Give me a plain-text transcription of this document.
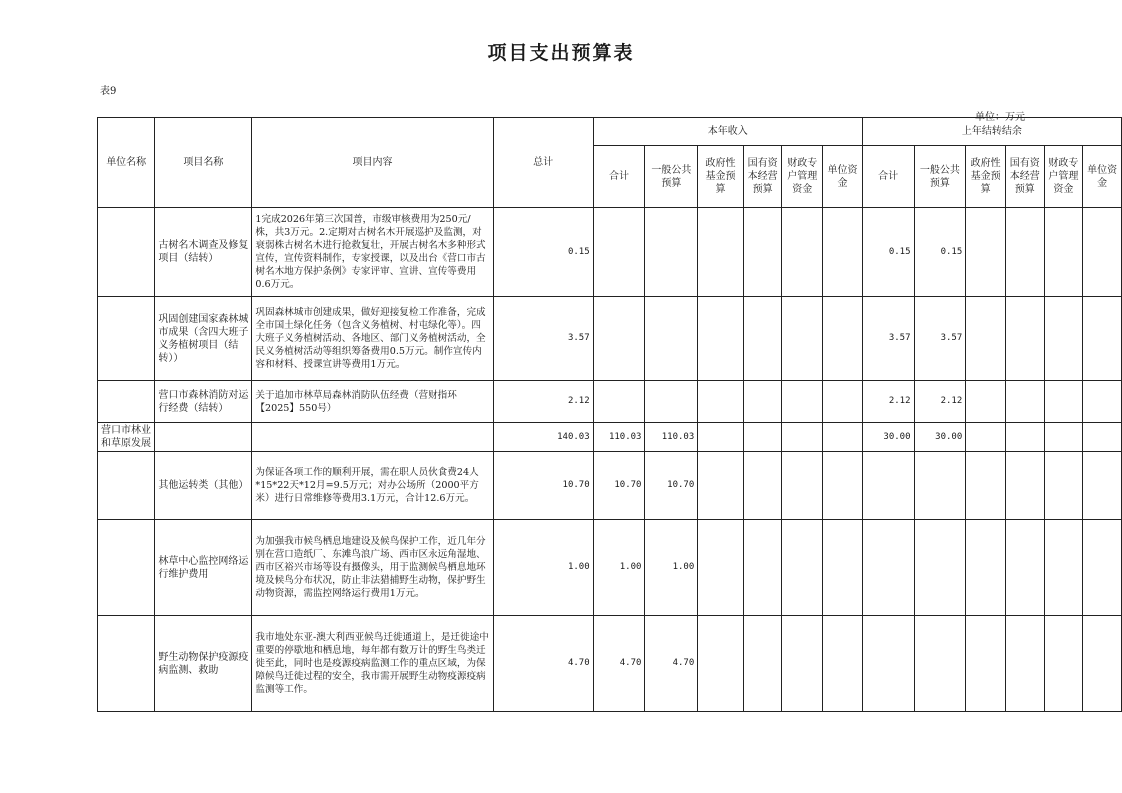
项目支出预算表
表9
单位：万元
单位名称	项目名称	项目内容	总计	本年收入						上年结转结余					
				合计	一般公共预算	政府性基金预算	国有资本经营预算	财政专户管理资金	单位资金	合计	一般公共预算	政府性基金预算	国有资本经营预算	财政专户管理资金	单位资金
	古树名木调查及修复项目（结转）	1完成2026年第三次国普，市级审核费用为250元/株，共3万元。2.定期对古树名木开展巡护及监测，对衰弱株古树名木进行抢救复壮，开展古树名木多种形式宣传，宣传资料制作，专家授课，以及出台《营口市古树名木地方保护条例》专家评审、宣讲、宣传等费用0.6万元。	0.15							0.15	0.15				
	巩固创建国家森林城市成果（含四大班子义务植树项目（结转））	巩固森林城市创建成果，做好迎接复检工作准备，完成全市国土绿化任务（包含义务植树、村屯绿化等）。四大班子义务植树活动、各地区、部门义务植树活动，全民义务植树活动等组织筹备费用0.5万元。制作宣传内容和材料、授课宣讲等费用1万元。	3.57							3.57	3.57				
	营口市森林消防对运行经费（结转）	关于追加市林草局森林消防队伍经费（营财指环【2025】550号）	2.12							2.12	2.12				
营口市林业和草原发展			140.03	110.03	110.03					30.00	30.00				
	其他运转类（其他）	为保证各项工作的顺利开展，需在职人员伙食费24人*15*22天*12月=9.5万元；对办公场所（2000平方米）进行日常维修等费用3.1万元，合计12.6万元。	10.70	10.70	10.70										
	林草中心监控网络运行维护费用	为加强我市候鸟栖息地建设及候鸟保护工作，近几年分别在营口造纸厂、东滩鸟浪广场、西市区永远角湿地、西市区裕兴市场等设有摄像头，用于监测候鸟栖息地环境及候鸟分布状况，防止非法猎捕野生动物，保护野生动物资源，需监控网络运行费用1万元。	1.00	1.00	1.00										
	野生动物保护疫源疫病监测、救助	我市地处东亚-澳大利西亚候鸟迁徙通道上，是迁徙途中重要的停歇地和栖息地，每年都有数万计的野生鸟类迁徙至此，同时也是疫源疫病监测工作的重点区域，为保障候鸟迁徙过程的安全，我市需开展野生动物疫源疫病监测等工作。	4.70	4.70	4.70										
